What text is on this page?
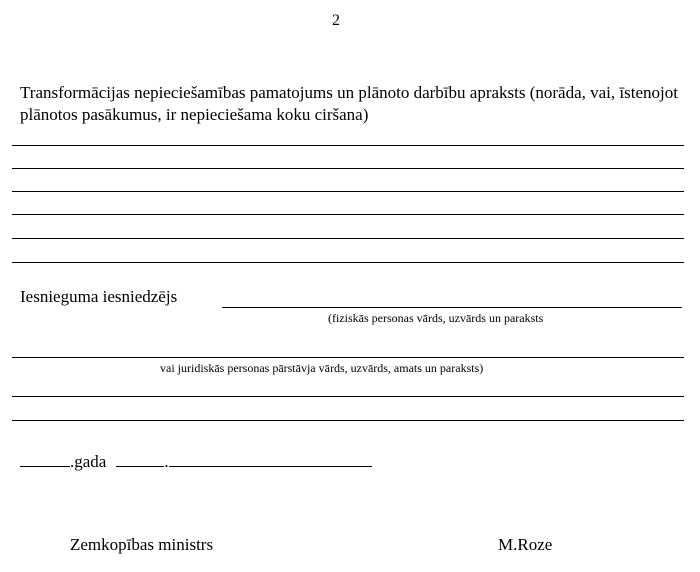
2
Transformācijas nepieciešamības pamatojums un plānoto darbību apraksts (norāda, vai, īstenojot plānotos pasākumus, ir nepieciešama koku ciršana)
Iesnieguma iesniedzējs
(fiziskās personas vārds, uzvārds un paraksts
vai juridiskās personas pārstāvja vārds, uzvārds, amats un paraksts)
.gada	.
Zemkopības ministrs	M.Roze
